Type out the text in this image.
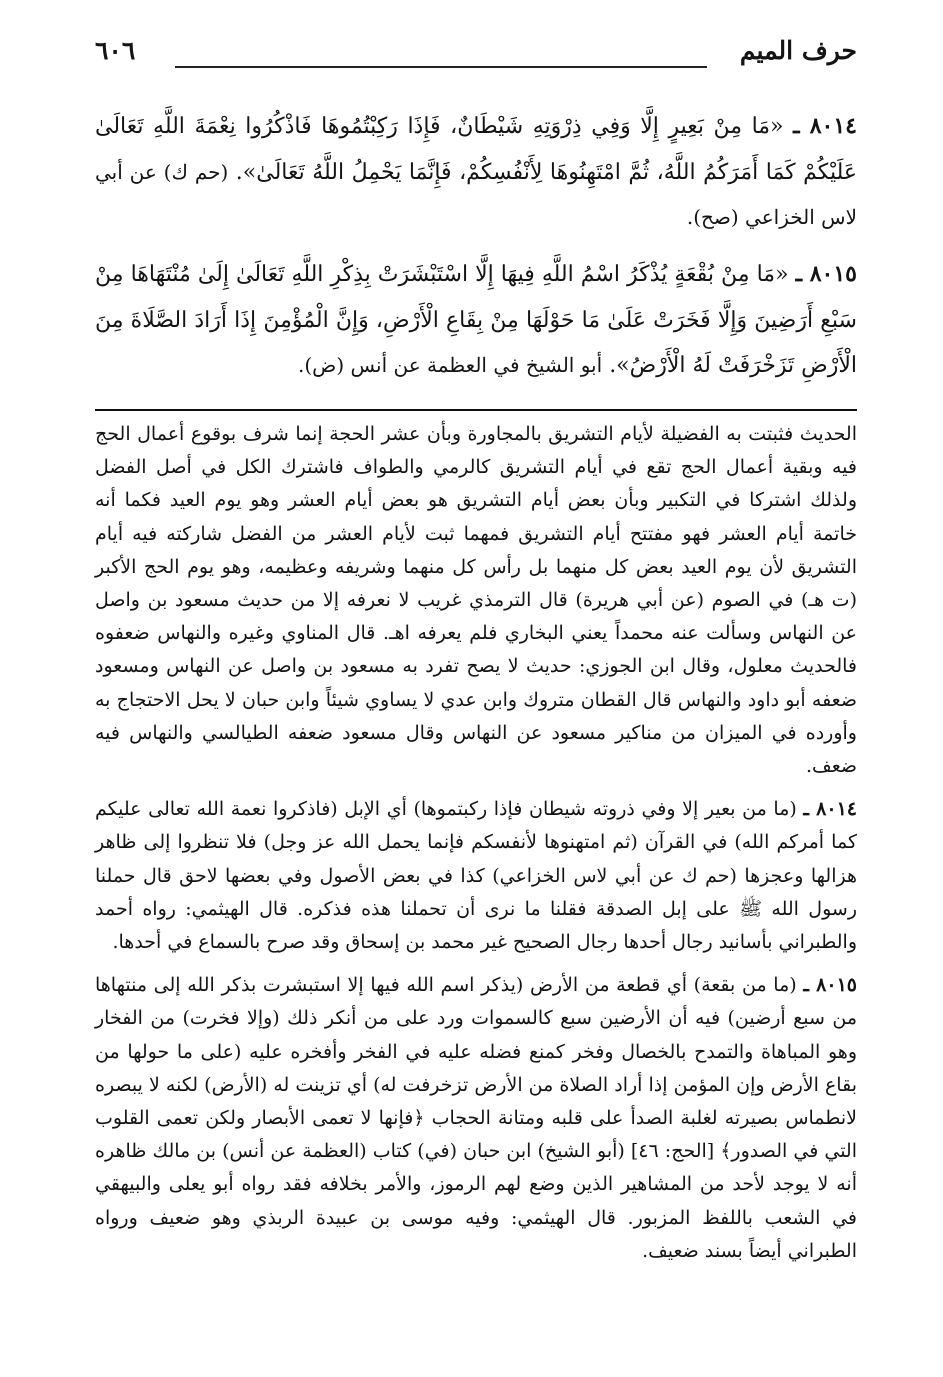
حرف الميم
٦٠٦
٨٠١٤ ـ «مَا مِنْ بَعِيرٍ إِلَّا وَفِي ذِرْوَتِهِ شَيْطَانٌ، فَإِذَا رَكِبْتُمُوهَا فَاذْكُرُوا نِعْمَةَ اللَّهِ تَعَالَىٰ عَلَيْكُمْ كَمَا أَمَرَكُمُ اللَّهُ، ثُمَّ امْتَهِنُوهَا لِأَنْفُسِكُمْ، فَإِنَّمَا يَحْمِلُ اللَّهُ تَعَالَىٰ». (حم ك) عن أبي لاس الخزاعي (صح).
٨٠١٥ ـ «مَا مِنْ بُقْعَةٍ يُذْكَرُ اسْمُ اللَّهِ فِيهَا إِلَّا اسْتَبْشَرَتْ بِذِكْرِ اللَّهِ تَعَالَىٰ إِلَىٰ مُنْتَهَاهَا مِنْ سَبْعِ أَرَضِينَ وَإِلَّا فَخَرَتْ عَلَىٰ مَا حَوْلَهَا مِنْ بِقَاعِ الْأَرْضِ، وَإِنَّ الْمُؤْمِنَ إِذَا أَرَادَ الصَّلَاةَ مِنَ الْأَرْضِ تَزَخْرَفَتْ لَهُ الْأَرْضُ». أبو الشيخ في العظمة عن أنس (ض).

الحديث فثبتت به الفضيلة لأيام التشريق بالمجاورة وبأن عشر الحجة إنما شرف بوقوع أعمال الحج فيه وبقية أعمال الحج تقع في أيام التشريق كالرمي والطواف فاشترك الكل في أصل الفضل ولذلك اشتركا في التكبير وبأن بعض أيام التشريق هو بعض أيام العشر وهو يوم العيد فكما أنه خاتمة أيام العشر فهو مفتتح أيام التشريق فمهما ثبت لأيام العشر من الفضل شاركته فيه أيام التشريق لأن يوم العيد بعض كل منهما بل رأس كل منهما وشريفه وعظيمه، وهو يوم الحج الأكبر (ت هـ) في الصوم (عن أبي هريرة) قال الترمذي غريب لا نعرفه إلا من حديث مسعود بن واصل عن النهاس وسألت عنه محمداً يعني البخاري فلم يعرفه اهـ. قال المناوي وغيره والنهاس ضعفوه فالحديث معلول، وقال ابن الجوزي: حديث لا يصح تفرد به مسعود بن واصل عن النهاس ومسعود ضعفه أبو داود والنهاس قال القطان متروك وابن عدي لا يساوي شيئاً وابن حبان لا يحل الاحتجاج به وأورده في الميزان من مناكير مسعود عن النهاس وقال مسعود ضعفه الطيالسي والنهاس فيه ضعف.

٨٠١٤ ـ (ما من بعير إلا وفي ذروته شيطان فإذا ركبتموها) أي الإبل (فاذكروا نعمة الله تعالى عليكم كما أمركم الله) في القرآن (ثم امتهنوها لأنفسكم فإنما يحمل الله عز وجل) فلا تنظروا إلى ظاهر هزالها وعجزها (حم ك عن أبي لاس الخزاعي) كذا في بعض الأصول وفي بعضها لاحق قال حملنا رسول الله ﷺ على إبل الصدقة فقلنا ما نرى أن تحملنا هذه فذكره. قال الهيثمي: رواه أحمد والطبراني بأسانيد رجال أحدها رجال الصحيح غير محمد بن إسحاق وقد صرح بالسماع في أحدها.

٨٠١٥ ـ (ما من بقعة) أي قطعة من الأرض (يذكر اسم الله فيها إلا استبشرت بذكر الله إلى منتهاها من سبع أرضين) فيه أن الأرضين سبع كالسموات ورد على من أنكر ذلك (وإلا فخرت) من الفخار وهو المباهاة والتمدح بالخصال وفخر كمنع فضله عليه في الفخر وأفخره عليه (على ما حولها من بقاع الأرض وإن المؤمن إذا أراد الصلاة من الأرض تزخرفت له) أي تزينت له (الأرض) لكنه لا يبصره لانطماس بصيرته لغلبة الصدأ على قلبه ومتانة الحجاب ﴿فإنها لا تعمى الأبصار ولكن تعمى القلوب التي في الصدور﴾ [الحج: ٤٦] (أبو الشيخ) ابن حبان (في) كتاب (العظمة عن أنس) بن مالك ظاهره أنه لا يوجد لأحد من المشاهير الذين وضع لهم الرموز، والأمر بخلافه فقد رواه أبو يعلى والبيهقي في الشعب باللفظ المزبور. قال الهيثمي: وفيه موسى بن عبيدة الربذي وهو ضعيف ورواه الطبراني أيضاً بسند ضعيف.
